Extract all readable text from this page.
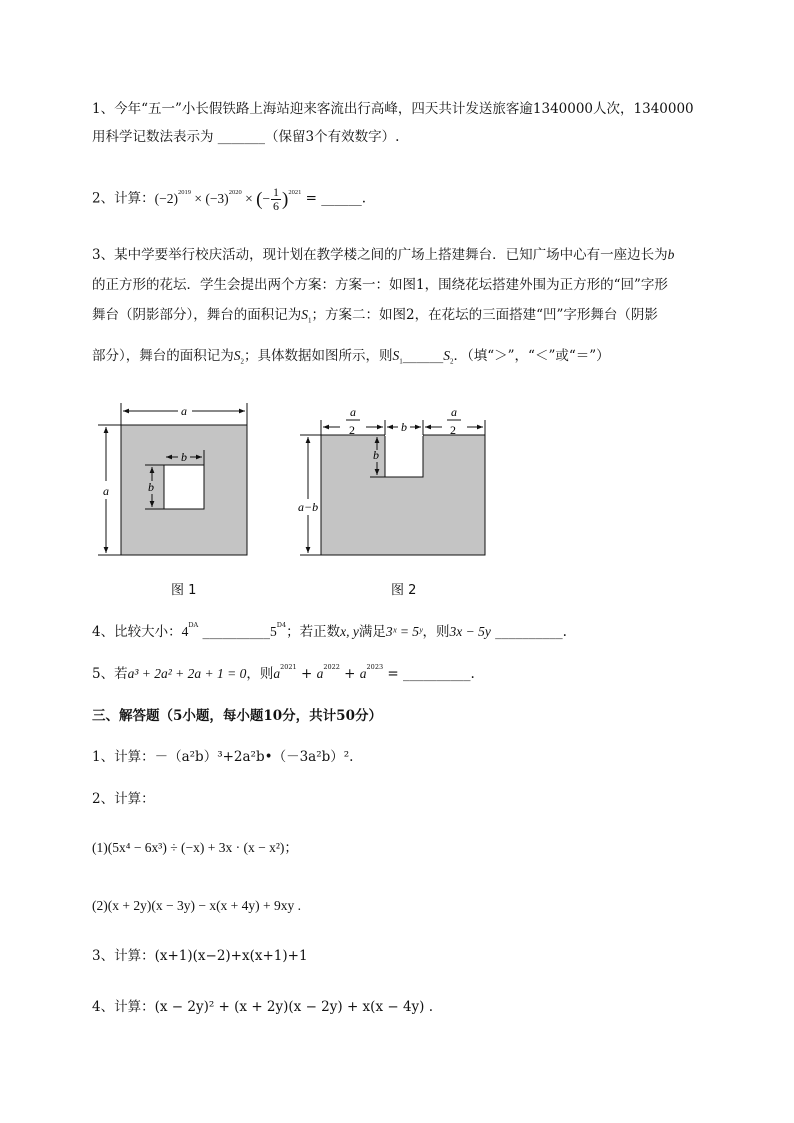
1、今年“五一”小长假铁路上海站迎来客流出行高峰，四天共计发送旅客逾1340000人次，1340000
用科学记数法表示为 _______（保留3个有效数字）.
2、计算：$(-2)^{2019} \times (-3)^{2020}$ × (− $\frac{1}{6} )^{2021}$ = ______.
3、某中学要举行校庆活动，现计划在教学楼之间的广场上搭建舞台．已知广场中心有一座边长为b
的正方形的花坛．学生会提出两个方案：方案一：如图1，围绕花坛搭建外围为正方形的“回”字形
舞台（阴影部分），舞台的面积记为$S_1$；方案二：如图2，在花坛的三面搭建“凹”字形舞台（阴影
部分），舞台的面积记为$S_2$；具体数据如图所示，则$S_1\_\_\_\_\_\_S_2$．（填“＞”，“＜”或“＝”）
a
a
b
b
a
2	b
a
2
a−b
b
图 1	图 2
4、比较大小：$4^{DA}$ $\_\_\_\_\_\_\_\_\_\_5^{D4}$；若正数x, y满足3ˣ = 5ʸ，则3x − 5y __________.
5、若a³ + 2a² + 2a + 1 = 0，则$a^{2021} + a^{2022} + a^{2023}$ = __________.
三、解答题（5小题，每小题10分，共计50分）
1、计算：－（a²b）³+2a²b•（－3a²b）².
2、计算：
(1)(5x⁴ − 6x³) ÷ (−x) + 3x · (x − x²)；
(2)(x + 2y)(x − 3y) − x(x + 4y) + 9xy .
3、计算：(x+1)(x−2)+x(x+1)+1
4、计算：(x − 2y)² + (x + 2y)(x − 2y) + x(x − 4y) .
